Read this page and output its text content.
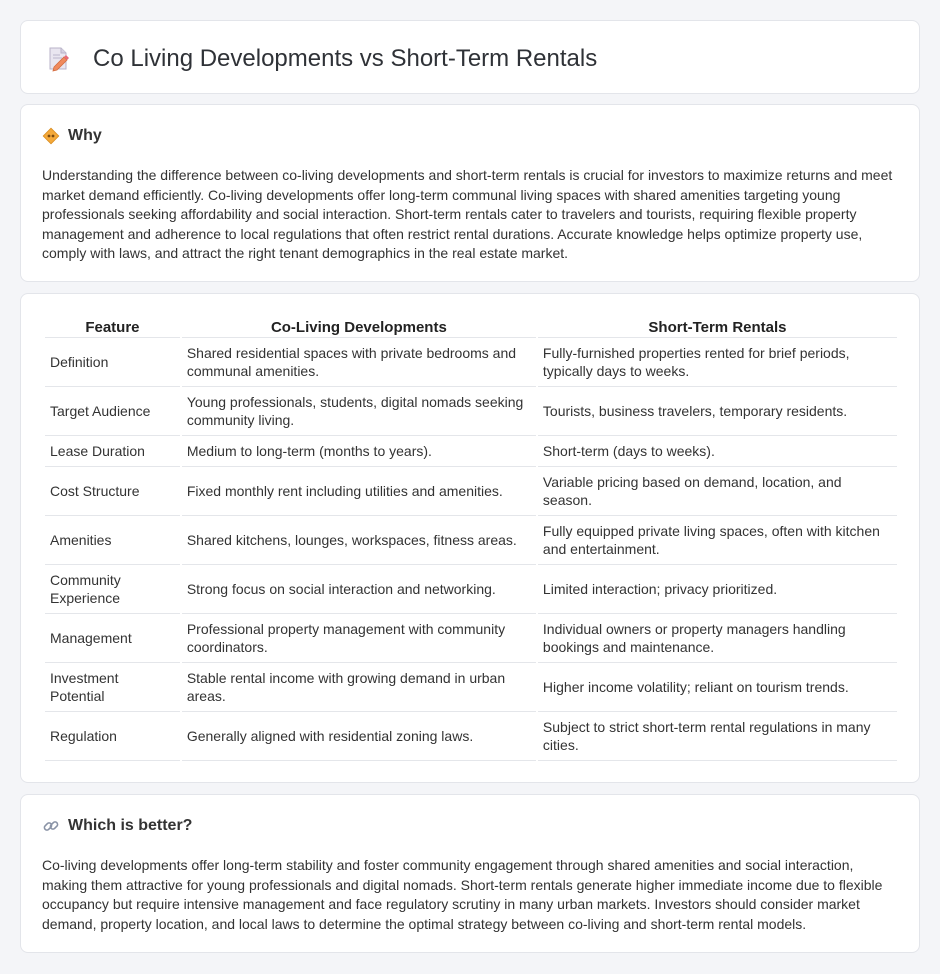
Co Living Developments vs Short-Term Rentals
Why

Understanding the difference between co-living developments and short-term rentals is crucial for investors to maximize returns and meet market demand efficiently. Co-living developments offer long-term communal living spaces with shared amenities targeting young professionals seeking affordability and social interaction. Short-term rentals cater to travelers and tourists, requiring flexible property management and adherence to local regulations that often restrict rental durations. Accurate knowledge helps optimize property use, comply with laws, and attract the right tenant demographics in the real estate market.

Feature	Co-Living Developments	Short-Term Rentals
Definition	Shared residential spaces with private bedrooms and communal amenities.	Fully-furnished properties rented for brief periods, typically days to weeks.
Target Audience	Young professionals, students, digital nomads seeking community living.	Tourists, business travelers, temporary residents.
Lease Duration	Medium to long-term (months to years).	Short-term (days to weeks).
Cost Structure	Fixed monthly rent including utilities and amenities.	Variable pricing based on demand, location, and season.
Amenities	Shared kitchens, lounges, workspaces, fitness areas.	Fully equipped private living spaces, often with kitchen and entertainment.
Community Experience	Strong focus on social interaction and networking.	Limited interaction; privacy prioritized.
Management	Professional property management with community coordinators.	Individual owners or property managers handling bookings and maintenance.
Investment Potential	Stable rental income with growing demand in urban areas.	Higher income volatility; reliant on tourism trends.
Regulation	Generally aligned with residential zoning laws.	Subject to strict short-term rental regulations in many cities.
Which is better?

Co-living developments offer long-term stability and foster community engagement through shared amenities and social interaction, making them attractive for young professionals and digital nomads. Short-term rentals generate higher immediate income due to flexible occupancy but require intensive management and face regulatory scrutiny in many urban markets. Investors should consider market demand, property location, and local laws to determine the optimal strategy between co-living and short-term rental models.
